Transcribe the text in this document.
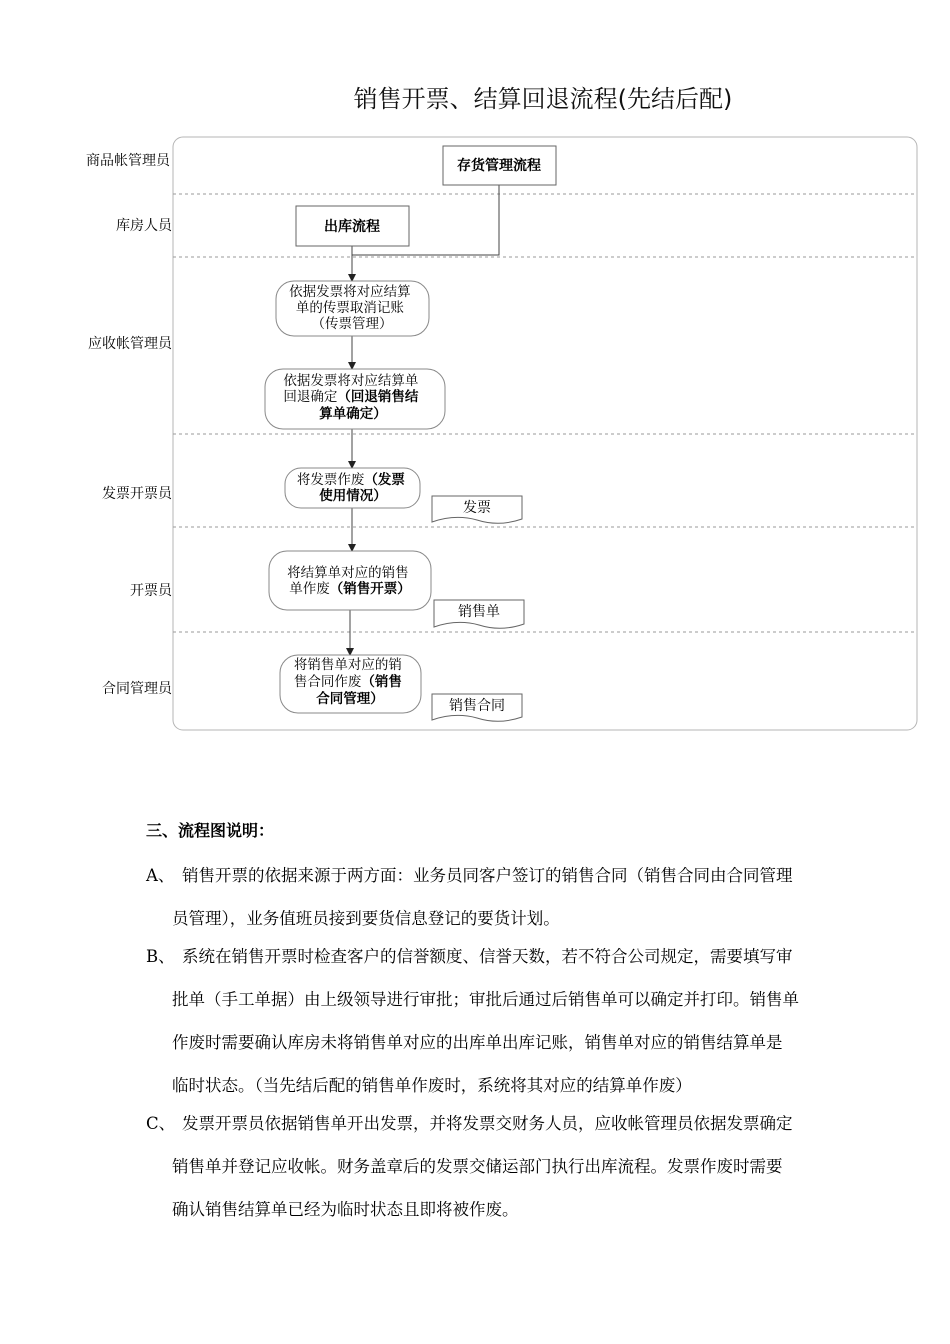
销售开票、结算回退流程(先结后配)
商品帐管理员
库房人员
应收帐管理员
发票开票员
开票员
合同管理员
存货管理流程
出库流程
依据发票将对应结算 单的传票取消记账 （传票管理）
依据发票将对应结算单 回退确定（回退销售结 算单确定）
将发票作废（发票 使用情况）
将结算单对应的销售 单作废（销售开票）
将销售单对应的销 售合同作废（销售 合同管理）
发票
销售单
销售合同
三、流程图说明：
A、 销售开票的依据来源于两方面：业务员同客户签订的销售合同（销售合同由合同管理
员管理），业务值班员接到要货信息登记的要货计划。
B、 系统在销售开票时检查客户的信誉额度、信誉天数，若不符合公司规定，需要填写审
批单（手工单据）由上级领导进行审批；审批后通过后销售单可以确定并打印。销售单
作废时需要确认库房未将销售单对应的出库单出库记账，销售单对应的销售结算单是
临时状态。（当先结后配的销售单作废时，系统将其对应的结算单作废）
C、 发票开票员依据销售单开出发票，并将发票交财务人员，应收帐管理员依据发票确定
销售单并登记应收帐。财务盖章后的发票交储运部门执行出库流程。发票作废时需要
确认销售结算单已经为临时状态且即将被作废。
